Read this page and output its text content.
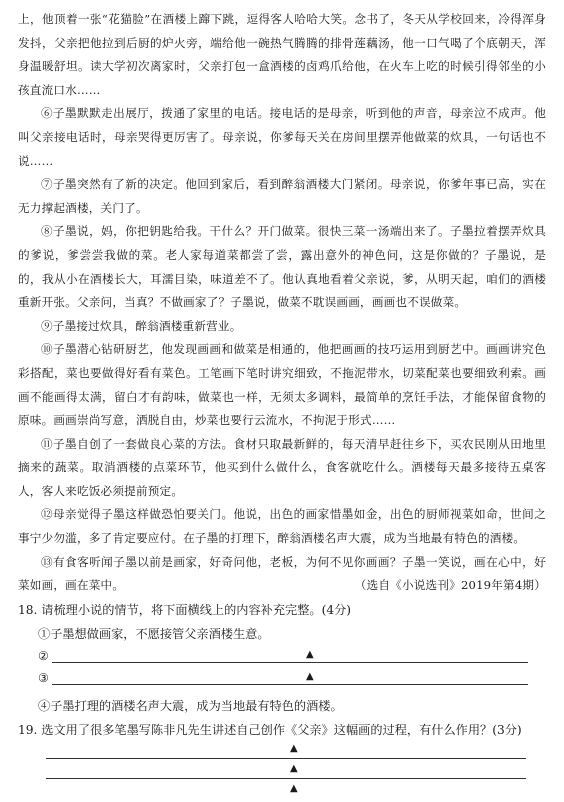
上，他顶着一张“花猫脸”在酒楼上蹿下跳，逗得客人哈哈大笑。念书了，冬天从学校回来，冷得浑身发抖，父亲把他拉到后厨的炉火旁，端给他一碗热气腾腾的排骨莲藕汤，他一口气喝了个底朝天，浑身温暖舒坦。读大学初次离家时，父亲打包一盒酒楼的卤鸡爪给他，在火车上吃的时候引得邻坐的小孩直流口水……

⑥子墨默默走出展厅，拨通了家里的电话。接电话的是母亲，听到他的声音，母亲泣不成声。他叫父亲接电话时，母亲哭得更厉害了。母亲说，你爹每天关在房间里摆弄他做菜的炊具，一句话也不说……

⑦子墨突然有了新的决定。他回到家后，看到醉翁酒楼大门紧闭。母亲说，你爹年事已高，实在无力撑起酒楼，关门了。

⑧子墨说，妈，你把钥匙给我。干什么？开门做菜。很快三菜一汤端出来了。子墨拉着摆弄炊具的爹说，爹尝尝我做的菜。老人家每道菜都尝了尝，露出意外的神色问，这是你做的？子墨说，是的，我从小在酒楼长大，耳濡目染，味道差不了。他认真地看着父亲说，爹，从明天起，咱们的酒楼重新开张。父亲问，当真？不做画家了？子墨说，做菜不耽误画画，画画也不误做菜。

⑨子墨接过炊具，醉翁酒楼重新营业。

⑩子墨潜心钻研厨艺，他发现画画和做菜是相通的，他把画画的技巧运用到厨艺中。画画讲究色彩搭配，菜也要做得好看有菜色。工笔画下笔时讲究细致，不拖泥带水，切菜配菜也要细致利索。画画不能画得太满，留白才有韵味，做菜也一样，无须太多调料，最简单的烹饪手法，才能保留食物的原味。画画崇尚写意，洒脱自由，炒菜也要行云流水，不拘泥于形式……

⑪子墨自创了一套做良心菜的方法。食材只取最新鲜的，每天清早赶往乡下，买农民刚从田地里摘来的蔬菜。取消酒楼的点菜环节，他买到什么做什么，食客就吃什么。酒楼每天最多接待五桌客人，客人来吃饭必须提前预定。

⑫母亲觉得子墨这样做恐怕要关门。他说，出色的画家惜墨如金，出色的厨师视菜如命，世间之事宁少勿滥，多了肯定要应付。在子墨的打理下，醉翁酒楼名声大震，成为当地最有特色的酒楼。

⑬有食客听闻子墨以前是画家，好奇问他，老板，为何不见你画画？子墨一笑说，画在心中，好菜如画，画在菜中。	（选自《小说选刊》2019年第4期）

18. 请梳理小说的情节，将下面横线上的内容补充完整。(4分)

①子墨想做画家，不愿接管父亲酒楼生意。

②	▲
③	▲

④子墨打理的酒楼名声大震，成为当地最有特色的酒楼。

19. 选文用了很多笔墨写陈非凡先生讲述自己创作《父亲》这幅画的过程，有什么作用？(3分)

▲
▲
▲
